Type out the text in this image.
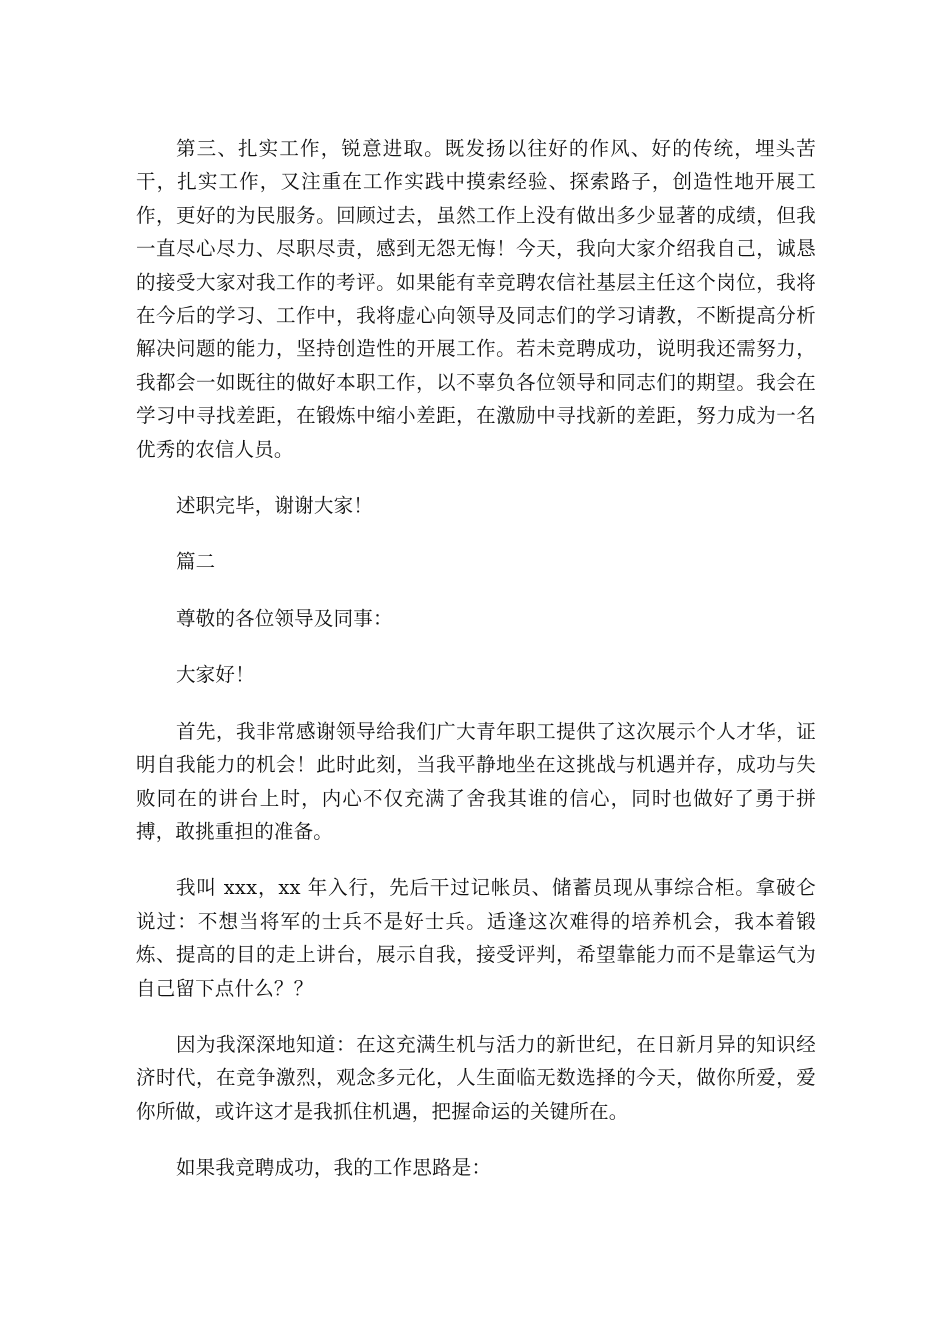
第三、扎实工作，锐意进取。既发扬以往好的作风、好的传统，埋头苦干，扎实工作，又注重在工作实践中摸索经验、探索路子，创造性地开展工作，更好的为民服务。回顾过去，虽然工作上没有做出多少显著的成绩，但我一直尽心尽力、尽职尽责，感到无怨无悔！今天，我向大家介绍我自己，诚恳的接受大家对我工作的考评。如果能有幸竞聘农信社基层主任这个岗位，我将在今后的学习、工作中，我将虚心向领导及同志们的学习请教，不断提高分析解决问题的能力，坚持创造性的开展工作。若未竞聘成功，说明我还需努力，我都会一如既往的做好本职工作，以不辜负各位领导和同志们的期望。我会在学习中寻找差距，在锻炼中缩小差距，在激励中寻找新的差距，努力成为一名优秀的农信人员。

述职完毕，谢谢大家！

篇二

尊敬的各位领导及同事：

大家好！

首先，我非常感谢领导给我们广大青年职工提供了这次展示个人才华，证明自我能力的机会！此时此刻，当我平静地坐在这挑战与机遇并存，成功与失败同在的讲台上时，内心不仅充满了舍我其谁的信心，同时也做好了勇于拼搏，敢挑重担的准备。

我叫 xxx，xx 年入行，先后干过记帐员、储蓄员现从事综合柜。拿破仑说过：不想当将军的士兵不是好士兵。适逢这次难得的培养机会，我本着锻炼、提高的目的走上讲台，展示自我，接受评判，希望靠能力而不是靠运气为自己留下点什么？？

因为我深深地知道：在这充满生机与活力的新世纪，在日新月异的知识经济时代，在竞争激烈，观念多元化，人生面临无数选择的今天，做你所爱，爱你所做，或许这才是我抓住机遇，把握命运的关键所在。

如果我竞聘成功，我的工作思路是：
